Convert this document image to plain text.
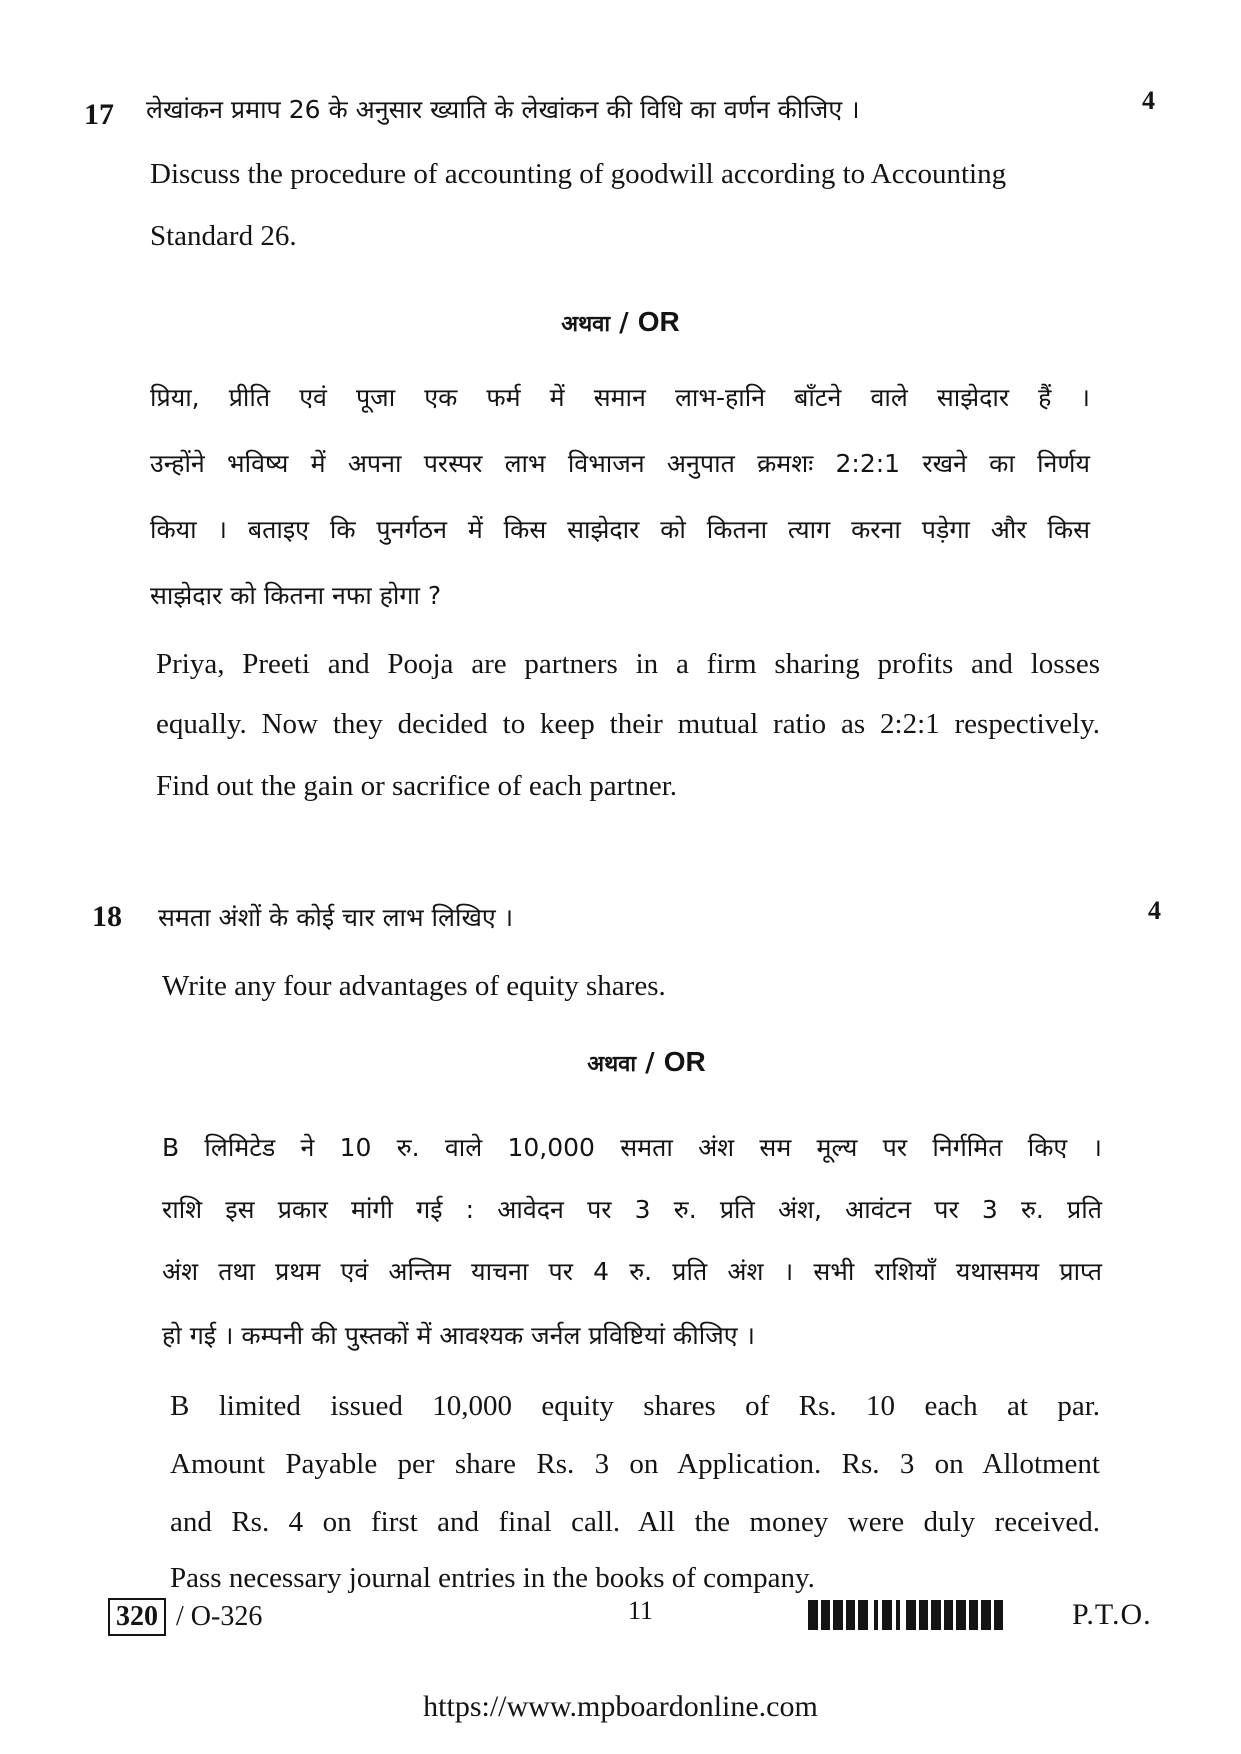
17 लेखांकन प्रमाप 26 के अनुसार ख्याति के लेखांकन की विधि का वर्णन कीजिए ।	4
Discuss the procedure of accounting of goodwill according to Accounting
Standard 26.
अथवा / OR
प्रिया, प्रीति एवं पूजा एक फर्म में समान लाभ-हानि बाँटने वाले साझेदार हैं ।
उन्होंने भविष्य में अपना परस्पर लाभ विभाजन अनुपात क्रमशः 2:2:1 रखने का निर्णय
किया । बताइए कि पुनर्गठन में किस साझेदार को कितना त्याग करना पड़ेगा और किस
साझेदार को कितना नफा होगा ?
Priya, Preeti and Pooja are partners in a firm sharing profits and losses
equally. Now they decided to keep their mutual ratio as 2:2:1 respectively.
Find out the gain or sacrifice of each partner.
18 समता अंशों के कोई चार लाभ लिखिए ।	4
Write any four advantages of equity shares.
अथवा / OR
B लिमिटेड ने 10 रु. वाले 10,000 समता अंश सम मूल्य पर निर्गमित किए ।
राशि इस प्रकार मांगी गई : आवेदन पर 3 रु. प्रति अंश, आवंटन पर 3 रु. प्रति
अंश तथा प्रथम एवं अन्तिम याचना पर 4 रु. प्रति अंश । सभी राशियाँ यथासमय प्राप्त
हो गई । कम्पनी की पुस्तकों में आवश्यक जर्नल प्रविष्टियां कीजिए ।
B limited issued 10,000 equity shares of Rs. 10 each at par.
Amount Payable per share Rs. 3 on Application. Rs. 3 on Allotment
and Rs. 4 on first and final call. All the money were duly received.
Pass necessary journal entries in the books of company.
320 / O-326	11	P.T.O.
https://www.mpboardonline.com
